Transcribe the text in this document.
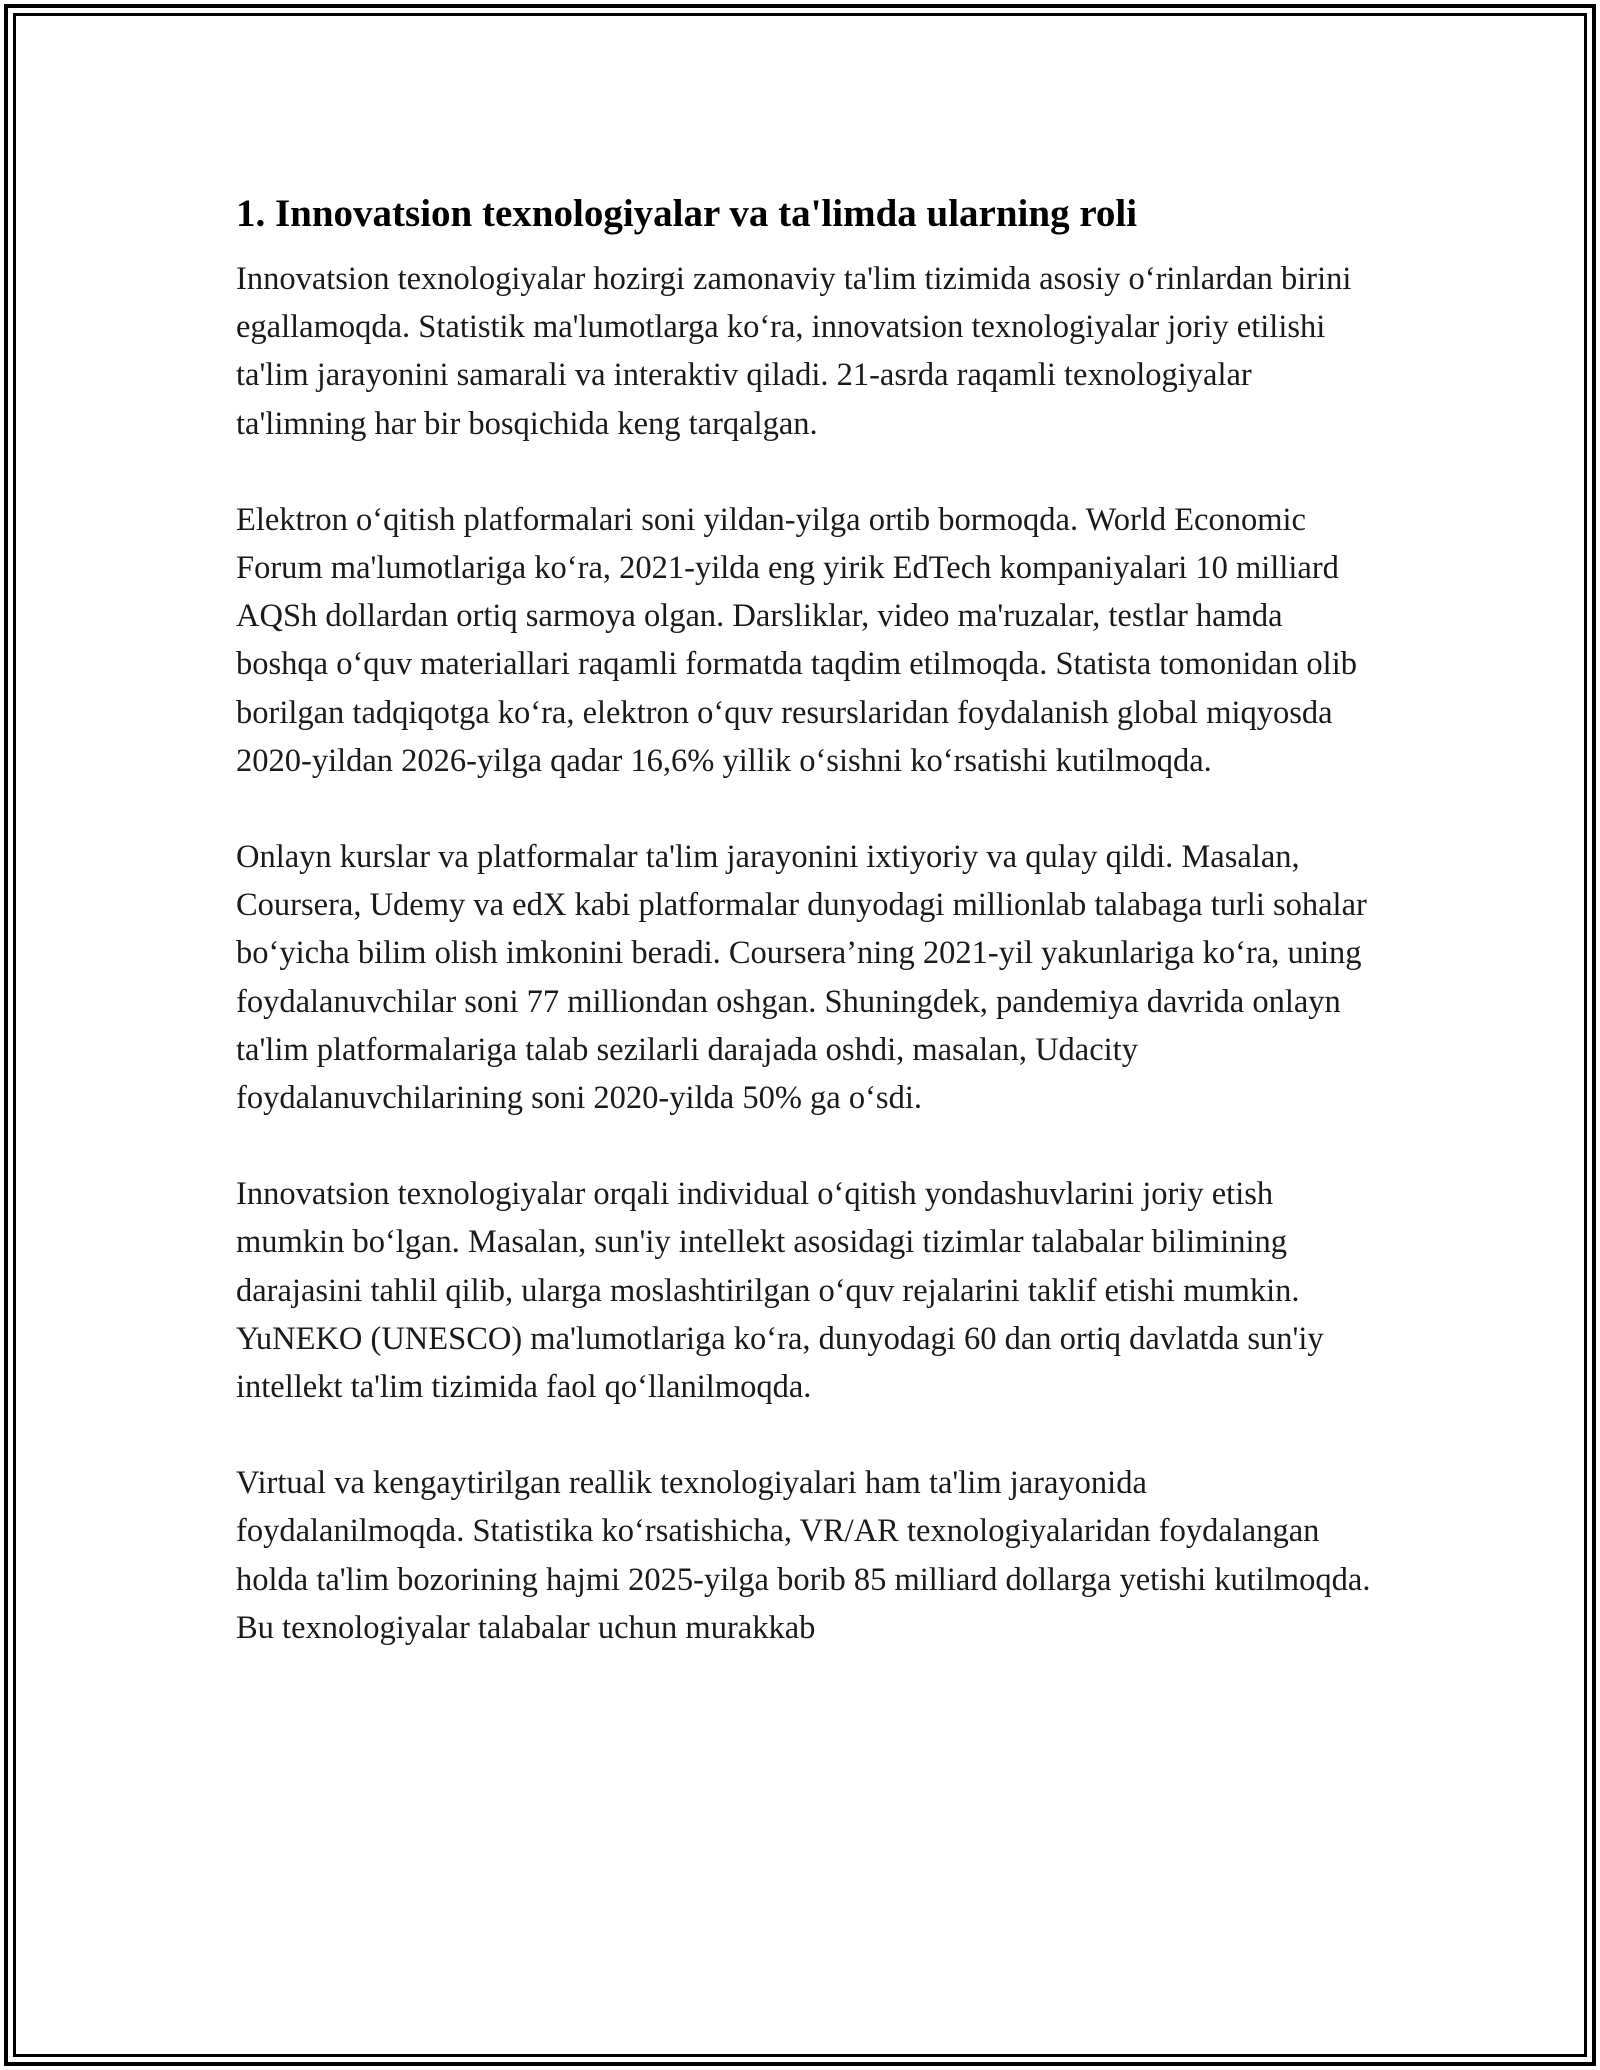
1. Innovatsion texnologiyalar va ta'limda ularning roli

Innovatsion texnologiyalar hozirgi zamonaviy ta'lim tizimida asosiy o‘rinlardan birini egallamoqda. Statistik ma'lumotlarga ko‘ra, innovatsion texnologiyalar joriy etilishi ta'lim jarayonini samarali va interaktiv qiladi. 21-asrda raqamli texnologiyalar ta'limning har bir bosqichida keng tarqalgan.

Elektron o‘qitish platformalari soni yildan-yilga ortib bormoqda. World Economic Forum ma'lumotlariga ko‘ra, 2021-yilda eng yirik EdTech kompaniyalari 10 milliard AQSh dollardan ortiq sarmoya olgan. Darsliklar, video ma'ruzalar, testlar hamda boshqa o‘quv materiallari raqamli formatda taqdim etilmoqda. Statista tomonidan olib borilgan tadqiqotga ko‘ra, elektron o‘quv resurslaridan foydalanish global miqyosda 2020-yildan 2026-yilga qadar 16,6% yillik o‘sishni ko‘rsatishi kutilmoqda.

Onlayn kurslar va platformalar ta'lim jarayonini ixtiyoriy va qulay qildi. Masalan, Coursera, Udemy va edX kabi platformalar dunyodagi millionlab talabaga turli sohalar bo‘yicha bilim olish imkonini beradi. Coursera’ning 2021-yil yakunlariga ko‘ra, uning foydalanuvchilar soni 77 milliondan oshgan. Shuningdek, pandemiya davrida onlayn ta'lim platformalariga talab sezilarli darajada oshdi, masalan, Udacity foydalanuvchilarining soni 2020-yilda 50% ga o‘sdi.

Innovatsion texnologiyalar orqali individual o‘qitish yondashuvlarini joriy etish mumkin bo‘lgan. Masalan, sun'iy intellekt asosidagi tizimlar talabalar bilimining darajasini tahlil qilib, ularga moslashtirilgan o‘quv rejalarini taklif etishi mumkin. YuNEKO (UNESCO) ma'lumotlariga ko‘ra, dunyodagi 60 dan ortiq davlatda sun'iy intellekt ta'lim tizimida faol qo‘llanilmoqda.

Virtual va kengaytirilgan reallik texnologiyalari ham ta'lim jarayonida foydalanilmoqda. Statistika ko‘rsatishicha, VR/AR texnologiyalaridan foydalangan holda ta'lim bozorining hajmi 2025-yilga borib 85 milliard dollarga yetishi kutilmoqda. Bu texnologiyalar talabalar uchun murakkab
